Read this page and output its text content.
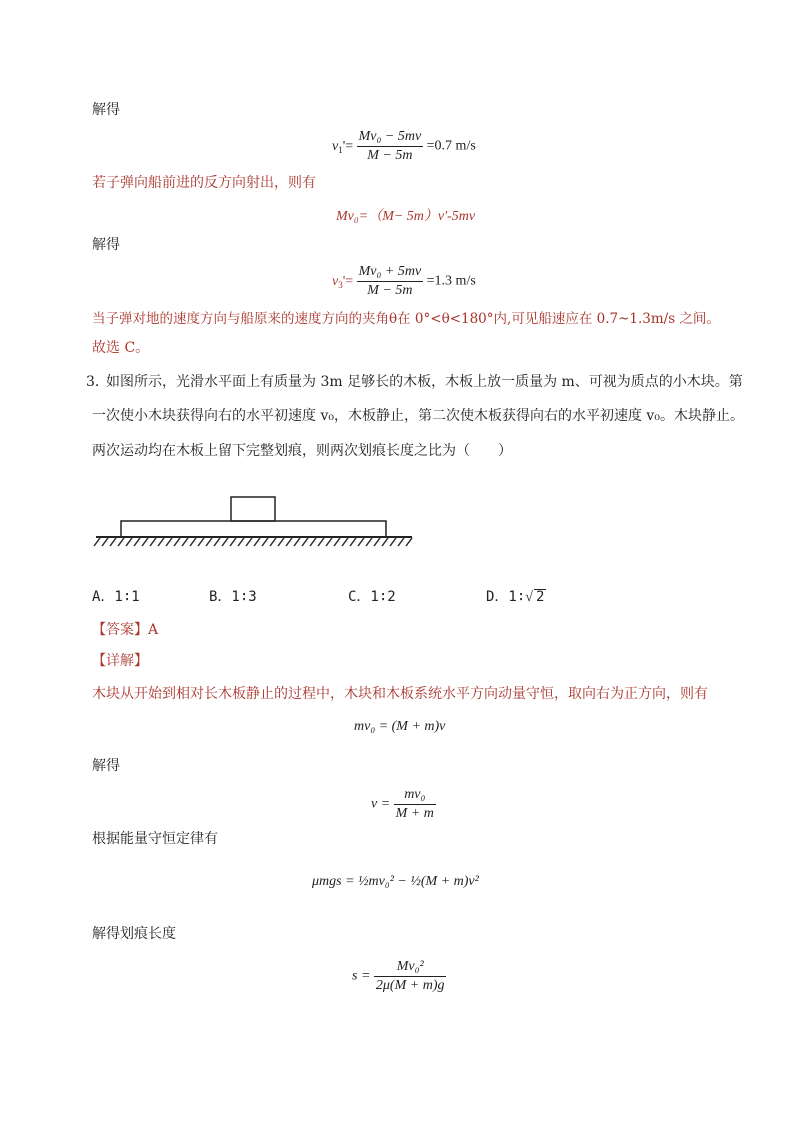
解得
$v_1'= \frac{\text{Mv₀ − 5mv}}{M - 5m} =0.7$ m/s
若子弹向船前进的反方向射出，则有
Mv₀=（M− 5m）v'-5mv
解得
$v_3'= \frac{\text{Mv₀ + 5mv}}{M - 5m} =1.3$ m/s
当子弹对地的速度方向与船原来的速度方向的夹角θ在 0°<θ<180°内,可见船速应在 0.7~1.3m/s 之间。
故选 C。
3．
如图所示，光滑水平面上有质量为 3m 足够长的木板，木板上放一质量为 m、可视为质点的小木块。第
一次使小木块获得向右的水平初速度 v₀，木板静止，第二次使木板获得向右的水平初速度 v₀。木块静止。
两次运动均在木板上留下完整划痕，则两次划痕长度之比为（　　）
A．1∶1	B．1∶3	C．1∶2	D．1∶√ 2
【答案】A
【详解】
木块从开始到相对长木板静止的过程中，木块和木板系统水平方向动量守恒，取向右为正方向，则有
mv₀ = (M + m)v
解得
$v = \frac{\text{mv₀}}{M + m}$
根据能量守恒定律有
μmgs = ½mv₀² − ½(M + m)v²
解得划痕长度
$s = \frac{\text{Mv₀²}}{2\mu(M + m)g}$
